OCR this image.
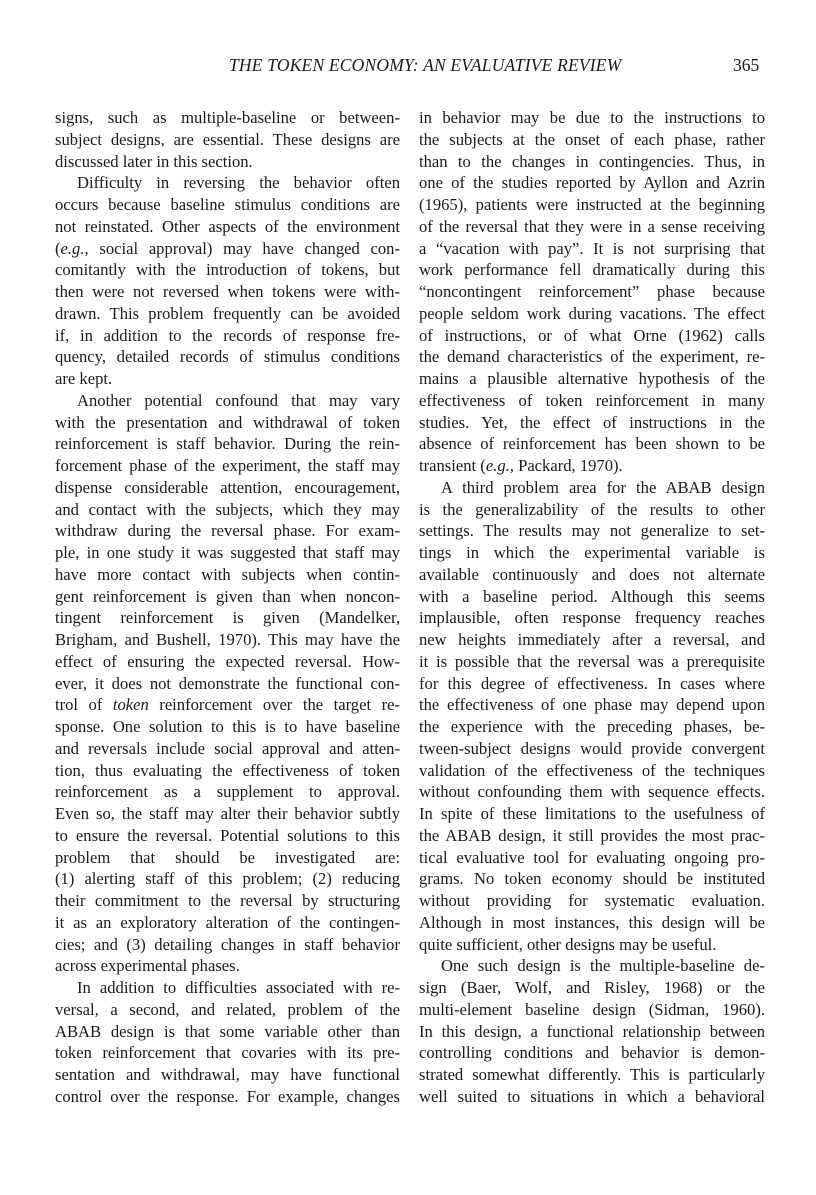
THE TOKEN ECONOMY: AN EVALUATIVE REVIEW	365
signs, such as multiple-baseline or between-
subject designs, are essential. These designs are
discussed later in this section.
Difficulty in reversing the behavior often
occurs because baseline stimulus conditions are
not reinstated. Other aspects of the environment
(e.g., social approval) may have changed con-
comitantly with the introduction of tokens, but
then were not reversed when tokens were with-
drawn. This problem frequently can be avoided
if, in addition to the records of response fre-
quency, detailed records of stimulus conditions
are kept.
Another potential confound that may vary
with the presentation and withdrawal of token
reinforcement is staff behavior. During the rein-
forcement phase of the experiment, the staff may
dispense considerable attention, encouragement,
and contact with the subjects, which they may
withdraw during the reversal phase. For exam-
ple, in one study it was suggested that staff may
have more contact with subjects when contin-
gent reinforcement is given than when noncon-
tingent reinforcement is given (Mandelker,
Brigham, and Bushell, 1970). This may have the
effect of ensuring the expected reversal. How-
ever, it does not demonstrate the functional con-
trol of token reinforcement over the target re-
sponse. One solution to this is to have baseline
and reversals include social approval and atten-
tion, thus evaluating the effectiveness of token
reinforcement as a supplement to approval.
Even so, the staff may alter their behavior subtly
to ensure the reversal. Potential solutions to this
problem that should be investigated are:
(1) alerting staff of this problem; (2) reducing
their commitment to the reversal by structuring
it as an exploratory alteration of the contingen-
cies; and (3) detailing changes in staff behavior
across experimental phases.
In addition to difficulties associated with re-
versal, a second, and related, problem of the
ABAB design is that some variable other than
token reinforcement that covaries with its pre-
sentation and withdrawal, may have functional
control over the response. For example, changes
in behavior may be due to the instructions to
the subjects at the onset of each phase, rather
than to the changes in contingencies. Thus, in
one of the studies reported by Ayllon and Azrin
(1965), patients were instructed at the beginning
of the reversal that they were in a sense receiving
a “vacation with pay”. It is not surprising that
work performance fell dramatically during this
“noncontingent reinforcement” phase because
people seldom work during vacations. The effect
of instructions, or of what Orne (1962) calls
the demand characteristics of the experiment, re-
mains a plausible alternative hypothesis of the
effectiveness of token reinforcement in many
studies. Yet, the effect of instructions in the
absence of reinforcement has been shown to be
transient (e.g., Packard, 1970).
A third problem area for the ABAB design
is the generalizability of the results to other
settings. The results may not generalize to set-
tings in which the experimental variable is
available continuously and does not alternate
with a baseline period. Although this seems
implausible, often response frequency reaches
new heights immediately after a reversal, and
it is possible that the reversal was a prerequisite
for this degree of effectiveness. In cases where
the effectiveness of one phase may depend upon
the experience with the preceding phases, be-
tween-subject designs would provide convergent
validation of the effectiveness of the techniques
without confounding them with sequence effects.
In spite of these limitations to the usefulness of
the ABAB design, it still provides the most prac-
tical evaluative tool for evaluating ongoing pro-
grams. No token economy should be instituted
without providing for systematic evaluation.
Although in most instances, this design will be
quite sufficient, other designs may be useful.
One such design is the multiple-baseline de-
sign (Baer, Wolf, and Risley, 1968) or the
multi-element baseline design (Sidman, 1960).
In this design, a functional relationship between
controlling conditions and behavior is demon-
strated somewhat differently. This is particularly
well suited to situations in which a behavioral
